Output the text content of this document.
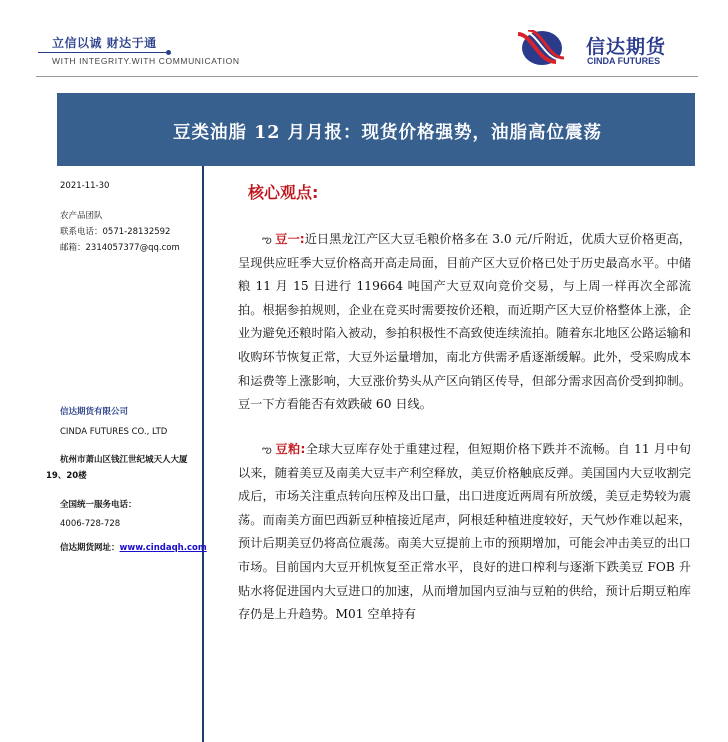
立信以诚 财达于通
WITH INTEGRITY.WITH COMMUNICATION
信达期货
CINDA FUTURES
豆类油脂 12 月月报：现货价格强势，油脂高位震荡
2021-11-30
农产品团队
联系电话：0571-28132592
邮箱：2314057377@qq.com
信达期货有限公司
CINDA FUTURES CO., LTD
杭州市萧山区钱江世纪城天人大厦19、20楼
全国统一服务电话：
4006-728-728
信达期货网址：www.cindaqh.com
核心观点:
ఌ 豆一:近日黑龙江产区大豆毛粮价格多在 3.0 元/斤附近，优质大豆价格更高，呈现供应旺季大豆价格高开高走局面，目前产区大豆价格已处于历史最高水平。中储粮 11 月 15 日进行 119664 吨国产大豆双向竞价交易，与上周一样再次全部流拍。根据参拍规则，企业在竞买时需要按价还粮，而近期产区大豆价格整体上涨，企业为避免还粮时陷入被动，参拍积极性不高致使连续流拍。随着东北地区公路运输和收购环节恢复正常，大豆外运量增加，南北方供需矛盾逐渐缓解。此外，受采购成本和运费等上涨影响，大豆涨价势头从产区向销区传导，但部分需求因高价受到抑制。豆一下方看能否有效跌破 60 日线。
ఌ 豆粕:全球大豆库存处于重建过程，但短期价格下跌并不流畅。自 11 月中旬以来，随着美豆及南美大豆丰产利空释放，美豆价格触底反弹。美国国内大豆收割完成后，市场关注重点转向压榨及出口量，出口进度近两周有所放缓，美豆走势较为震荡。而南美方面巴西新豆种植接近尾声，阿根廷种植进度较好，天气炒作难以起来，预计后期美豆仍将高位震荡。南美大豆提前上市的预期增加，可能会冲击美豆的出口市场。目前国内大豆开机恢复至正常水平，良好的进口榨利与逐渐下跌美豆 FOB 升贴水将促进国内大豆进口的加速，从而增加国内豆油与豆粕的供给，预计后期豆粕库存仍是上升趋势。M01 空单持有
